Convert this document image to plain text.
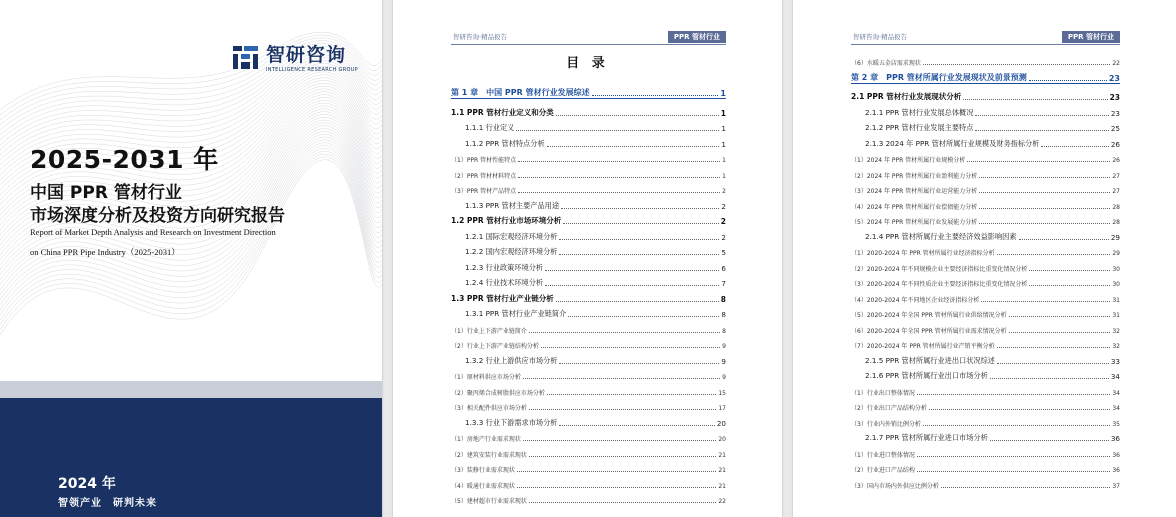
智研咨询
INTELLIGENCE RESEARCH GROUP
2025-2031 年
中国 PPR 管材行业
市场深度分析及投资方向研究报告
Report of Market Depth Analysis and Research on Investment Direction
on China PPR Pipe Industry（2025-2031）
2024 年
智领产业　研判未来
智研咨询·精品报告	PPR 管材行业
目 录
第 1 章　中国 PPR 管材行业发展综述	1
1.1 PPR 管材行业定义和分类	1
1.1.1 行业定义	1
1.1.2 PPR 管材特点分析	1
（1）PPR 管材性能特点	1
（2）PPR 管材材料特点	1
（3）PPR 管材产品特点	2
1.1.3 PPR 管材主要产品用途	2
1.2 PPR 管材行业市场环境分析	2
1.2.1 国际宏观经济环境分析	2
1.2.2 国内宏观经济环境分析	5
1.2.3 行业政策环境分析	6
1.2.4 行业技术环境分析	7
1.3 PPR 管材行业产业链分析	8
1.3.1 PPR 管材行业产业链简介	8
（1）行业上下游产业链简介	8
（2）行业上下游产业链结构分析	9
1.3.2 行业上游供应市场分析	9
（1）原材料供应市场分析	9
（2）聚丙烯合成树脂供应市场分析	15
（3）相关配件供应市场分析	17
1.3.3 行业下游需求市场分析	20
（1）房地产行业需求现状	20
（2）建筑安装行业需求现状	21
（3）装修行业需求现状	21
（4）暖通行业需求现状	21
（5）建材超市行业需求现状	22
智研咨询·精品报告	PPR 管材行业
（6）水暖五金店需求现状	22
第 2 章　PPR 管材所属行业发展现状及前景预测	23
2.1 PPR 管材行业发展现状分析	23
2.1.1 PPR 管材行业发展总体概况	23
2.1.2 PPR 管材行业发展主要特点	25
2.1.3 2024 年 PPR 管材所属行业规模及财务指标分析	26
（1）2024 年 PPR 管材所属行业规模分析	26
（2）2024 年 PPR 管材所属行业盈利能力分析	27
（3）2024 年 PPR 管材所属行业运营能力分析	27
（4）2024 年 PPR 管材所属行业偿债能力分析	28
（5）2024 年 PPR 管材所属行业发展能力分析	28
2.1.4 PPR 管材所属行业主要经济效益影响因素	29
（1）2020-2024 年 PPR 管材所属行业经济指标分析	29
（2）2020-2024 年不同规模企业主要经济指标比重变化情况分析	30
（3）2020-2024 年不同性质企业主要经济指标比重变化情况分析	30
（4）2020-2024 年不同地区企业经济指标分析	31
（5）2020-2024 年全国 PPR 管材所属行业供给情况分析	31
（6）2020-2024 年全国 PPR 管材所属行业需求情况分析	32
（7）2020-2024 年 PPR 管材所属行业产销平衡分析	32
2.1.5 PPR 管材所属行业进出口状况综述	33
2.1.6 PPR 管材所属行业出口市场分析	34
（1）行业出口整体情况	34
（2）行业出口产品结构分析	34
（3）行业内外销比例分析	35
2.1.7 PPR 管材所属行业进口市场分析	36
（1）行业进口整体情况	36
（2）行业进口产品结构	36
（3）国内市场内外供应比例分析	37
